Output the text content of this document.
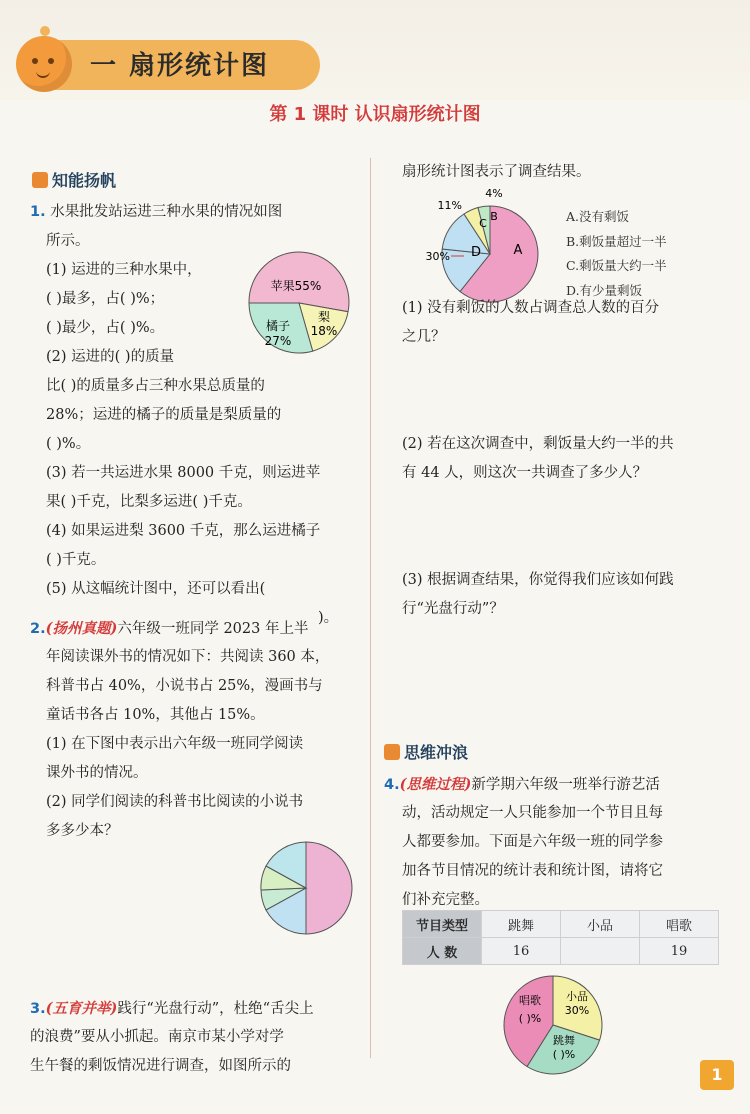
一 扇形统计图
第 1 课时 认识扇形统计图
知能扬帆
1. 水果批发站运进三种水果的情况如图
所示。
(1) 运进的三种水果中，
( )最多，占( )%；
( )最少，占( )%。
(2) 运进的( )的质量
比( )的质量多占三种水果总质量的
28%；运进的橘子的质量是梨质量的
( )%。
(3) 若一共运进水果 8000 千克，则运进苹
果( )千克，比梨多运进( )千克。
(4) 如果运进梨 3600 千克，那么运进橘子
( )千克。
(5) 从这幅统计图中，还可以看出(
)。
苹果55%
橘子
27%
梨
18%
2.(扬州真题)六年级一班同学 2023 年上半
年阅读课外书的情况如下：共阅读 360 本，
科普书占 40%，小说书占 25%，漫画书与
童话书各占 10%，其他占 15%。
(1) 在下图中表示出六年级一班同学阅读
课外书的情况。
(2) 同学们阅读的科普书比阅读的小说书
多多少本？
3.(五育并举)践行“光盘行动”，杜绝“舌尖上
的浪费”要从小抓起。南京市某小学对学
生午餐的剩饭情况进行调查，如图所示的
扇形统计图表示了调查结果。
A
D
C
B
4%
11%
30%
A.没有剩饭
B.剩饭量超过一半
C.剩饭量大约一半
D.有少量剩饭
(1) 没有剩饭的人数占调查总人数的百分
之几？
(2) 若在这次调查中，剩饭量大约一半的共
有 44 人，则这次一共调查了多少人？
(3) 根据调查结果，你觉得我们应该如何践
行“光盘行动”？
思维冲浪
4.(思维过程)新学期六年级一班举行游艺活
动，活动规定一人只能参加一个节目且每
人都要参加。下面是六年级一班的同学参
加各节目情况的统计表和统计图，请将它
们补充完整。
节目类型	跳舞	小品	唱歌
人 数	16		19
小品
30%
唱歌
( )%
跳舞
( )%
1
